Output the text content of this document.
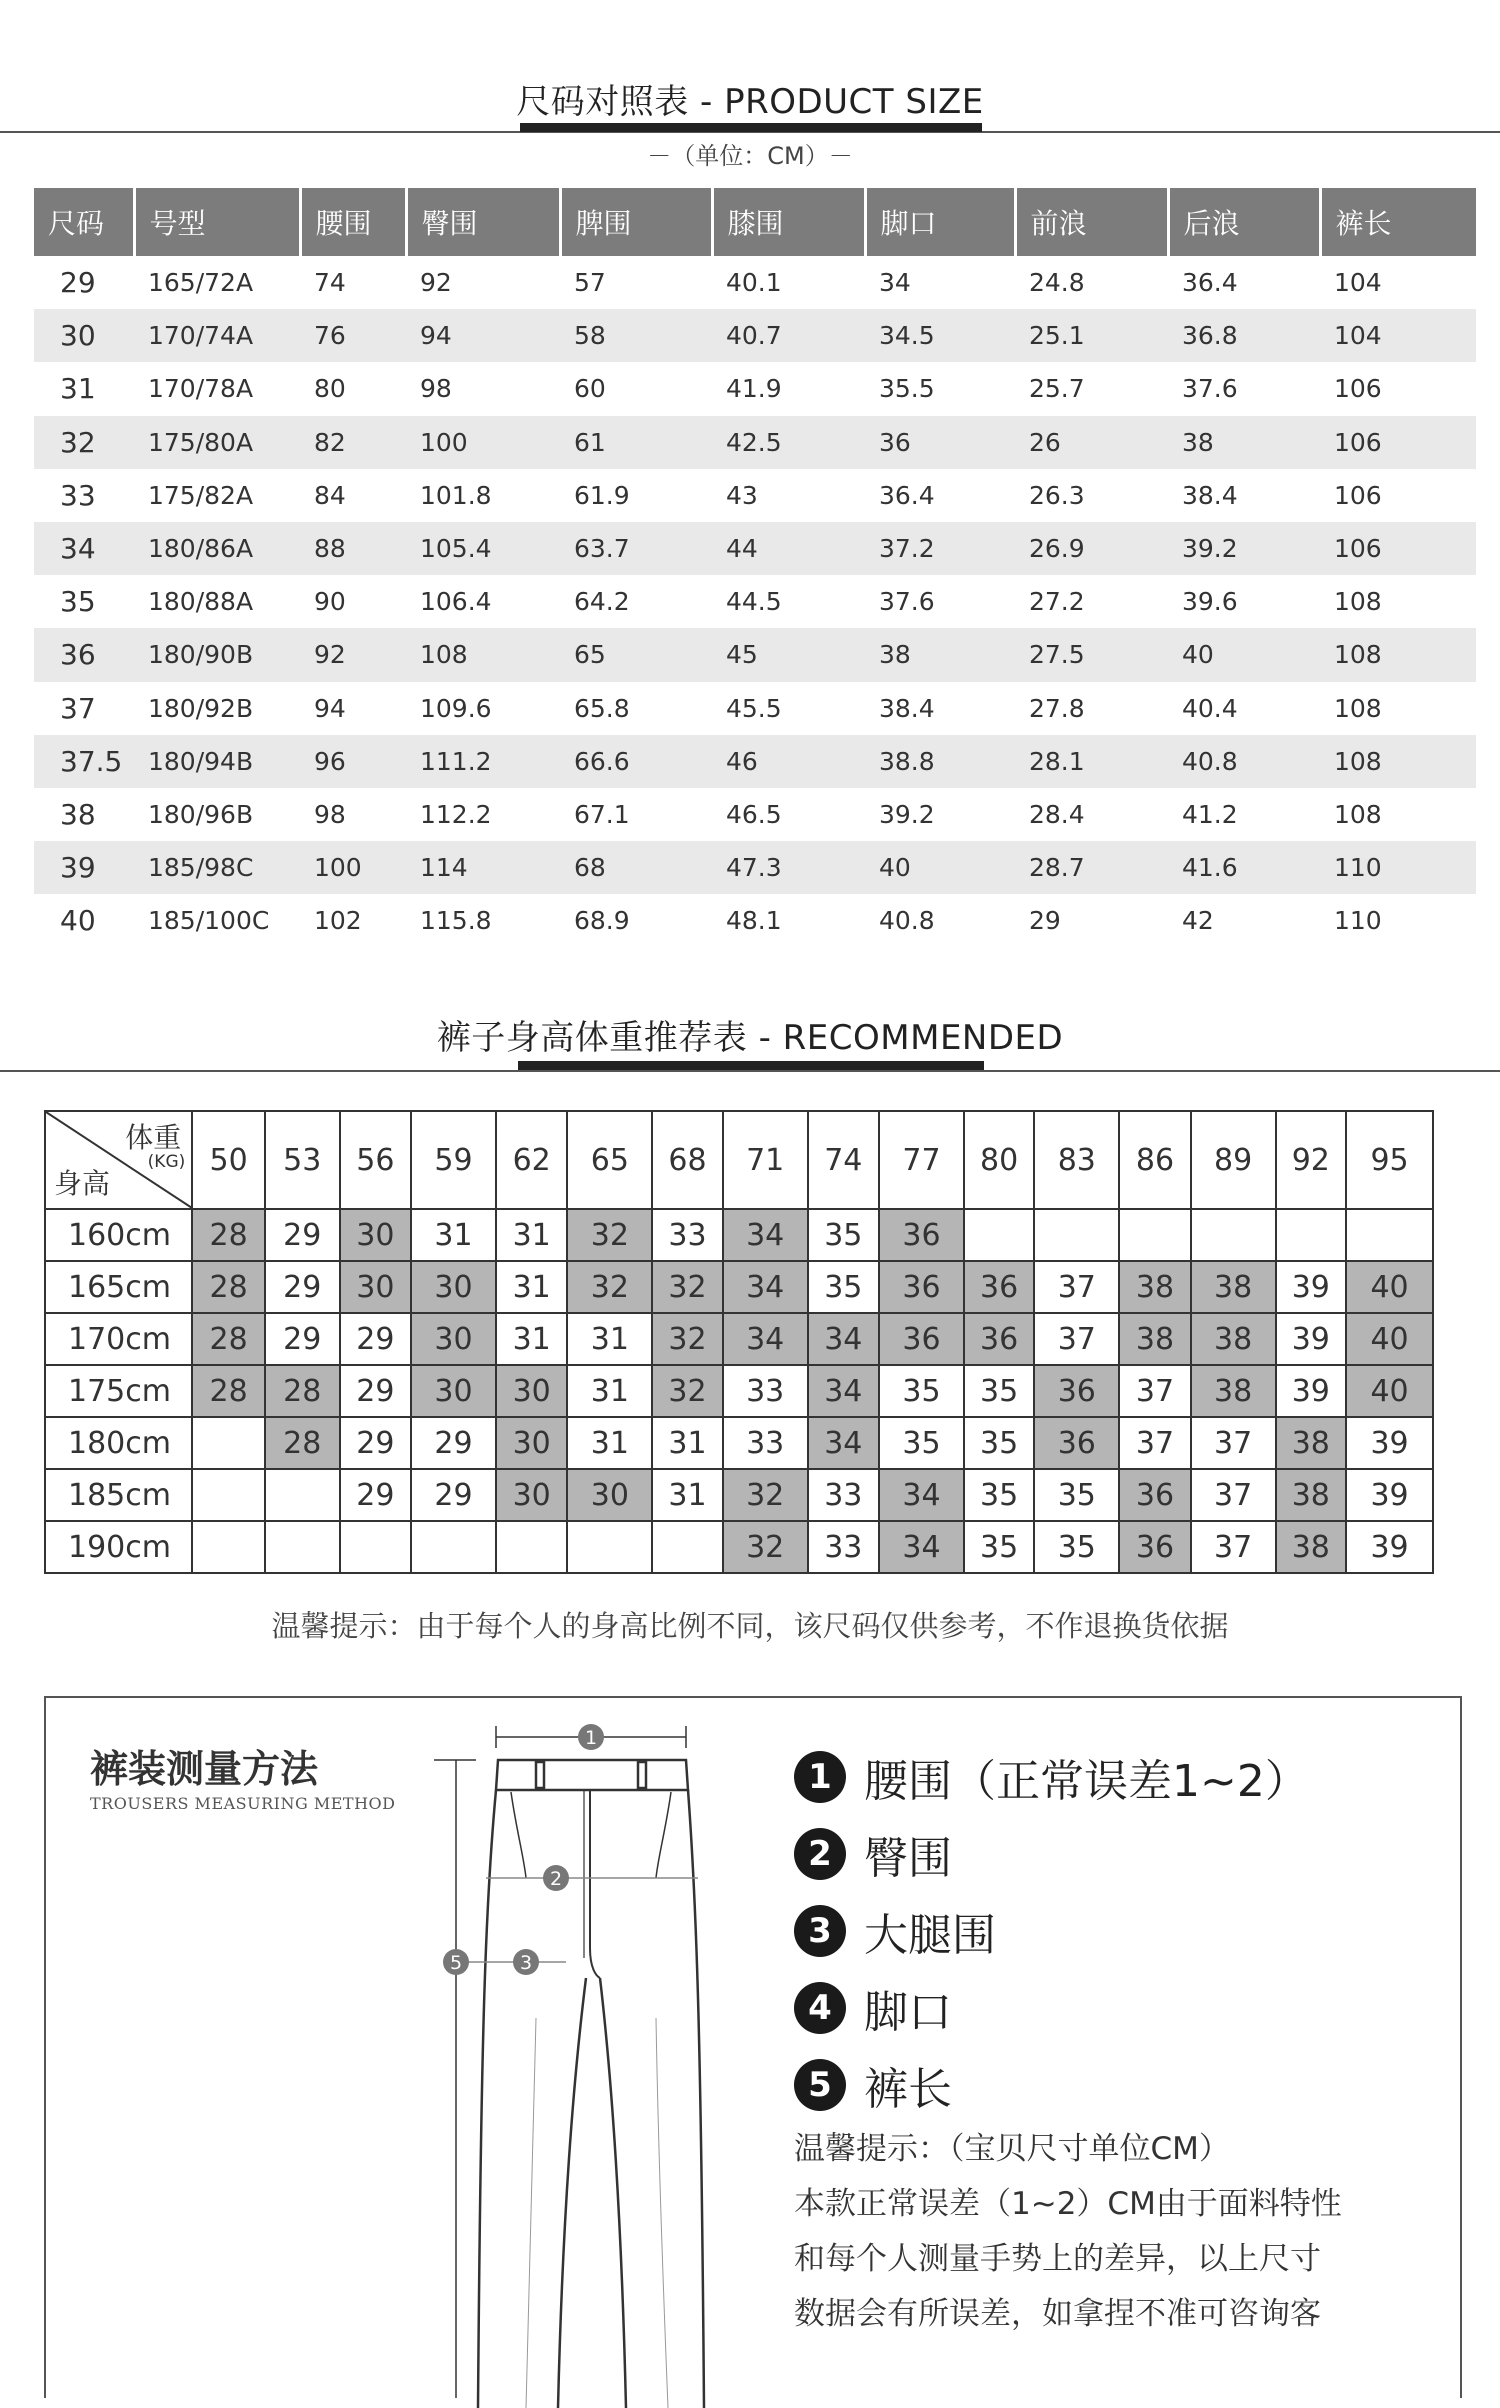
尺码对照表 - PRODUCT SIZE
－（单位：CM）－
尺码	号型	腰围	臀围	脾围	膝围	脚口	前浪	后浪	裤长
29	165/72A	74	92	57	40.1	34	24.8	36.4	104
30	170/74A	76	94	58	40.7	34.5	25.1	36.8	104
31	170/78A	80	98	60	41.9	35.5	25.7	37.6	106
32	175/80A	82	100	61	42.5	36	26	38	106
33	175/82A	84	101.8	61.9	43	36.4	26.3	38.4	106
34	180/86A	88	105.4	63.7	44	37.2	26.9	39.2	106
35	180/88A	90	106.4	64.2	44.5	37.6	27.2	39.6	108
36	180/90B	92	108	65	45	38	27.5	40	108
37	180/92B	94	109.6	65.8	45.5	38.4	27.8	40.4	108
37.5	180/94B	96	111.2	66.6	46	38.8	28.1	40.8	108
38	180/96B	98	112.2	67.1	46.5	39.2	28.4	41.2	108
39	185/98C	100	114	68	47.3	40	28.7	41.6	110
40	185/100C	102	115.8	68.9	48.1	40.8	29	42	110
裤子身高体重推荐表 - RECOMMENDED
体重
(KG)
身高	50	53	56	59	62	65	68	71	74	77	80	83	86	89	92	95
160cm	28	29	30	31	31	32	33	34	35	36						
165cm	28	29	30	30	31	32	32	34	35	36	36	37	38	38	39	40
170cm	28	29	29	30	31	31	32	34	34	36	36	37	38	38	39	40
175cm	28	28	29	30	30	31	32	33	34	35	35	36	37	38	39	40
180cm		28	29	29	30	31	31	33	34	35	35	36	37	37	38	39
185cm			29	29	30	30	31	32	33	34	35	35	36	37	38	39
190cm								32	33	34	35	35	36	37	38	39
温馨提示：由于每个人的身高比例不同，该尺码仅供参考，不作退换货依据
裤装测量方法
TROUSERS MEASURING METHOD
1
2
3
5
1 腰围（正常误差1~2）
2 臀围
3 大腿围
4 脚口
5 裤长
温馨提示：（宝贝尺寸单位CM）
本款正常误差（1~2）CM由于面料特性
和每个人测量手势上的差异，以上尺寸
数据会有所误差，如拿捏不准可咨询客
